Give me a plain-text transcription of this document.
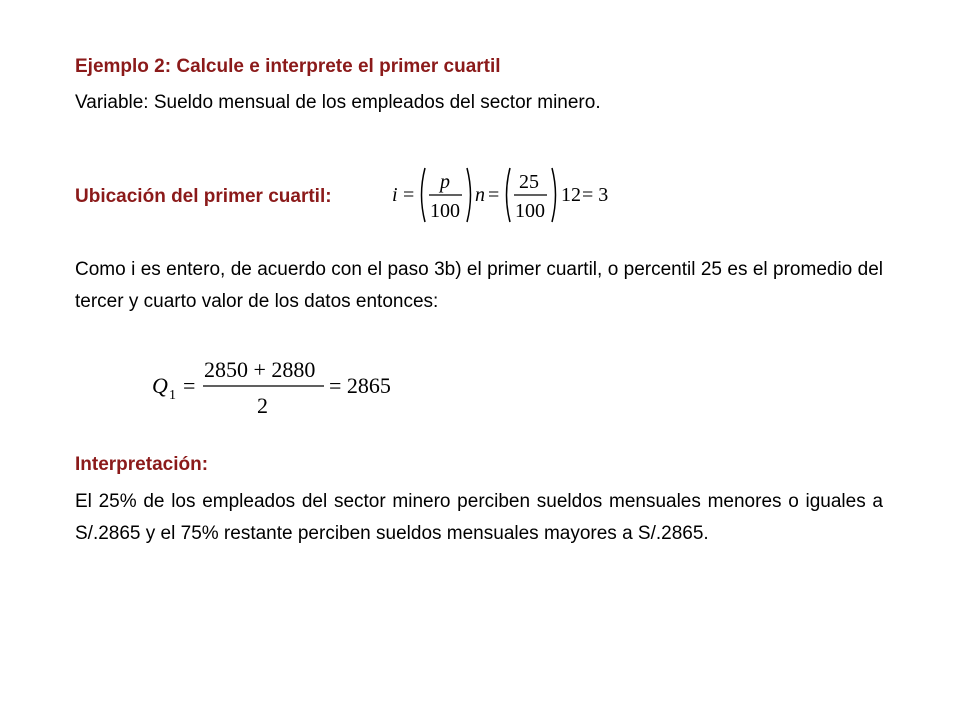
Ejemplo 2: Calcule e interprete el primer cuartil
Variable: Sueldo mensual de los empleados del sector minero.
Ubicación del primer cuartil:	i =
p
100
n =
25
100
12 = 3
Como i es entero, de acuerdo con el paso 3b) el primer cuartil, o percentil 25 es el promedio del tercer y cuarto valor de los datos entonces:
Q 1 =
2850 + 2880
2
= 2865
Interpretación:
El 25% de los empleados del sector minero perciben sueldos mensuales menores o iguales a S/.2865 y el 75% restante perciben sueldos mensuales mayores a S/.2865.
